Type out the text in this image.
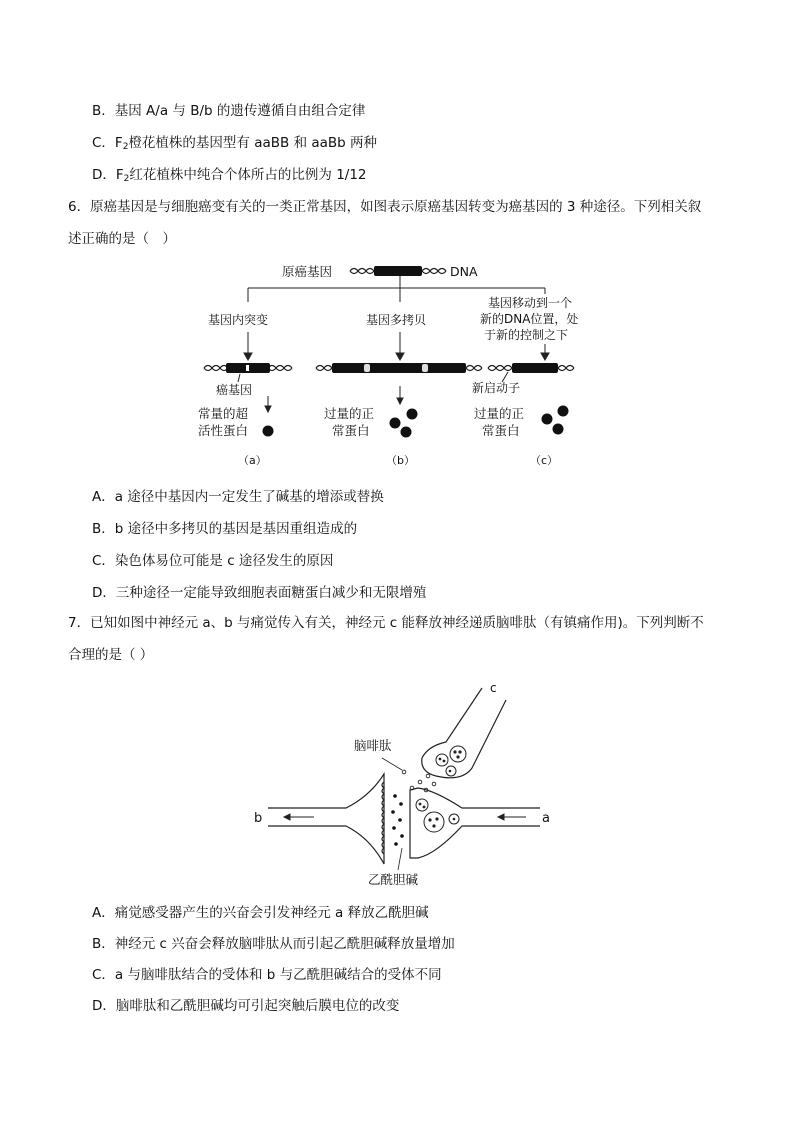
B．基因 A/a 与 B/b 的遗传遵循自由组合定律
C．$F_2$橙花植株的基因型有 aaBB 和 aaBb 两种
D．$F_2$红花植株中纯合个体所占的比例为 1/12
6．原癌基因是与细胞癌变有关的一类正常基因，如图表示原癌基因转变为癌基因的 3 种途径。下列相关叙
述正确的是（　）
原癌基因	DNA
基因内突变	基因多拷贝
基因移动到一个
新的DNA位置，处
于新的控制之下
癌基因	新启动子
常量的超
活性蛋白
过量的正
常蛋白
过量的正
常蛋白
（a）	（b）	（c）
A．a 途径中基因内一定发生了碱基的增添或替换
B．b 途径中多拷贝的基因是基因重组造成的
C．染色体易位可能是 c 途径发生的原因
D．三种途径一定能导致细胞表面糖蛋白减少和无限增殖
7．已知如图中神经元 a、b 与痛觉传入有关，神经元 c 能释放神经递质脑啡肽（有镇痛作用)。下列判断不
合理的是（ ）
c
脑啡肽
b	a
乙酰胆碱
A．痛觉感受器产生的兴奋会引发神经元 a 释放乙酰胆碱
B．神经元 c 兴奋会释放脑啡肽从而引起乙酰胆碱释放量增加
C．a 与脑啡肽结合的受体和 b 与乙酰胆碱结合的受体不同
D．脑啡肽和乙酰胆碱均可引起突触后膜电位的改变
